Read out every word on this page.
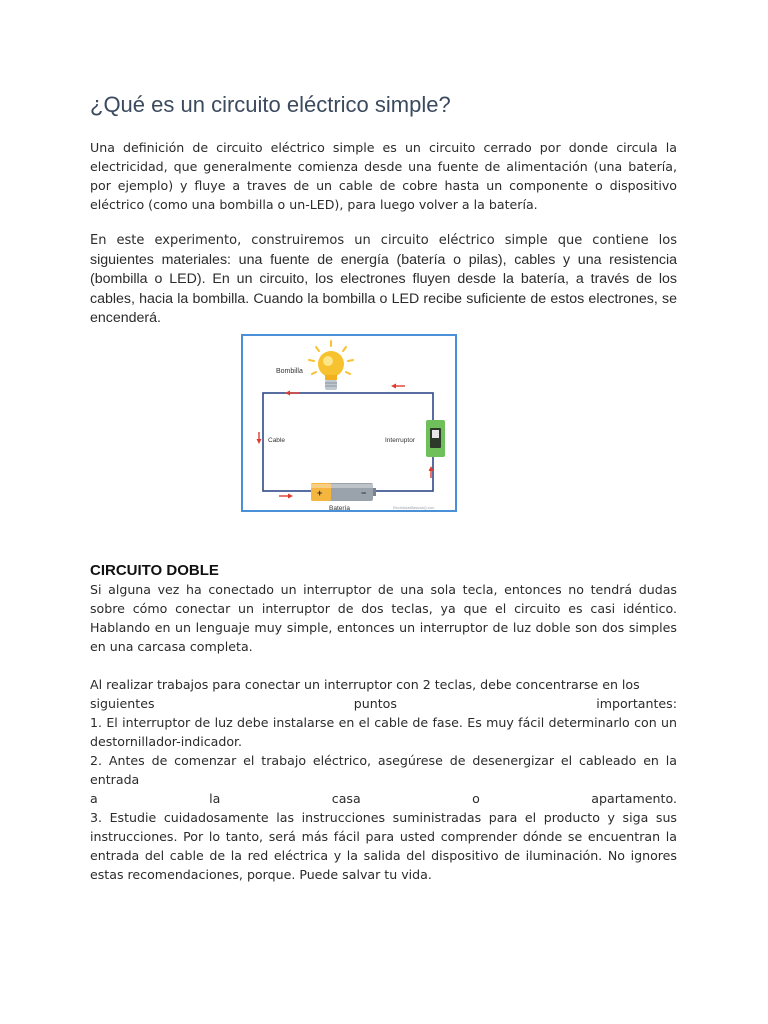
¿Qué es un circuito eléctrico simple?

Una definición de circuito eléctrico simple es un circuito cerrado por donde circula la electricidad, que generalmente comienza desde una fuente de alimentación (una batería, por ejemplo) y fluye a traves de un cable de cobre hasta un componente o dispositivo eléctrico (como una bombilla o un-LED), para luego volver a la batería.

En este experimento, construiremos un circuito eléctrico simple que contiene los siguientes materiales: una fuente de energía (batería o pilas), cables y una resistencia (bombilla o LED). En un circuito, los electrones fluyen desde la batería, a través de los cables, hacia la bombilla. Cuando la bombilla o LED recibe suficiente de estos electrones, se encenderá.

Bombilla
Cable	Interruptor
+	−
Batería	ElectricidadBasicaAQ.com
CIRCUITO DOBLE

Si alguna vez ha conectado un interruptor de una sola tecla, entonces no tendrá dudas sobre cómo conectar un interruptor de dos teclas, ya que el circuito es casi idéntico. Hablando en un lenguaje muy simple, entonces un interruptor de luz doble son dos simples en una carcasa completa.

Al realizar trabajos para conectar un interruptor con 2 teclas, debe concentrarse en los
siguientes	puntos	importantes:
1. El interruptor de luz debe instalarse en el cable de fase. Es muy fácil determinarlo con un destornillador-indicador.
2. Antes de comenzar el trabajo eléctrico, asegúrese de desenergizar el cableado en la entrada
a	la	casa	o	apartamento.
3. Estudie cuidadosamente las instrucciones suministradas para el producto y siga sus instrucciones. Por lo tanto, será más fácil para usted comprender dónde se encuentran la entrada del cable de la red eléctrica y la salida del dispositivo de iluminación. No ignores estas recomendaciones, porque. Puede salvar tu vida.
